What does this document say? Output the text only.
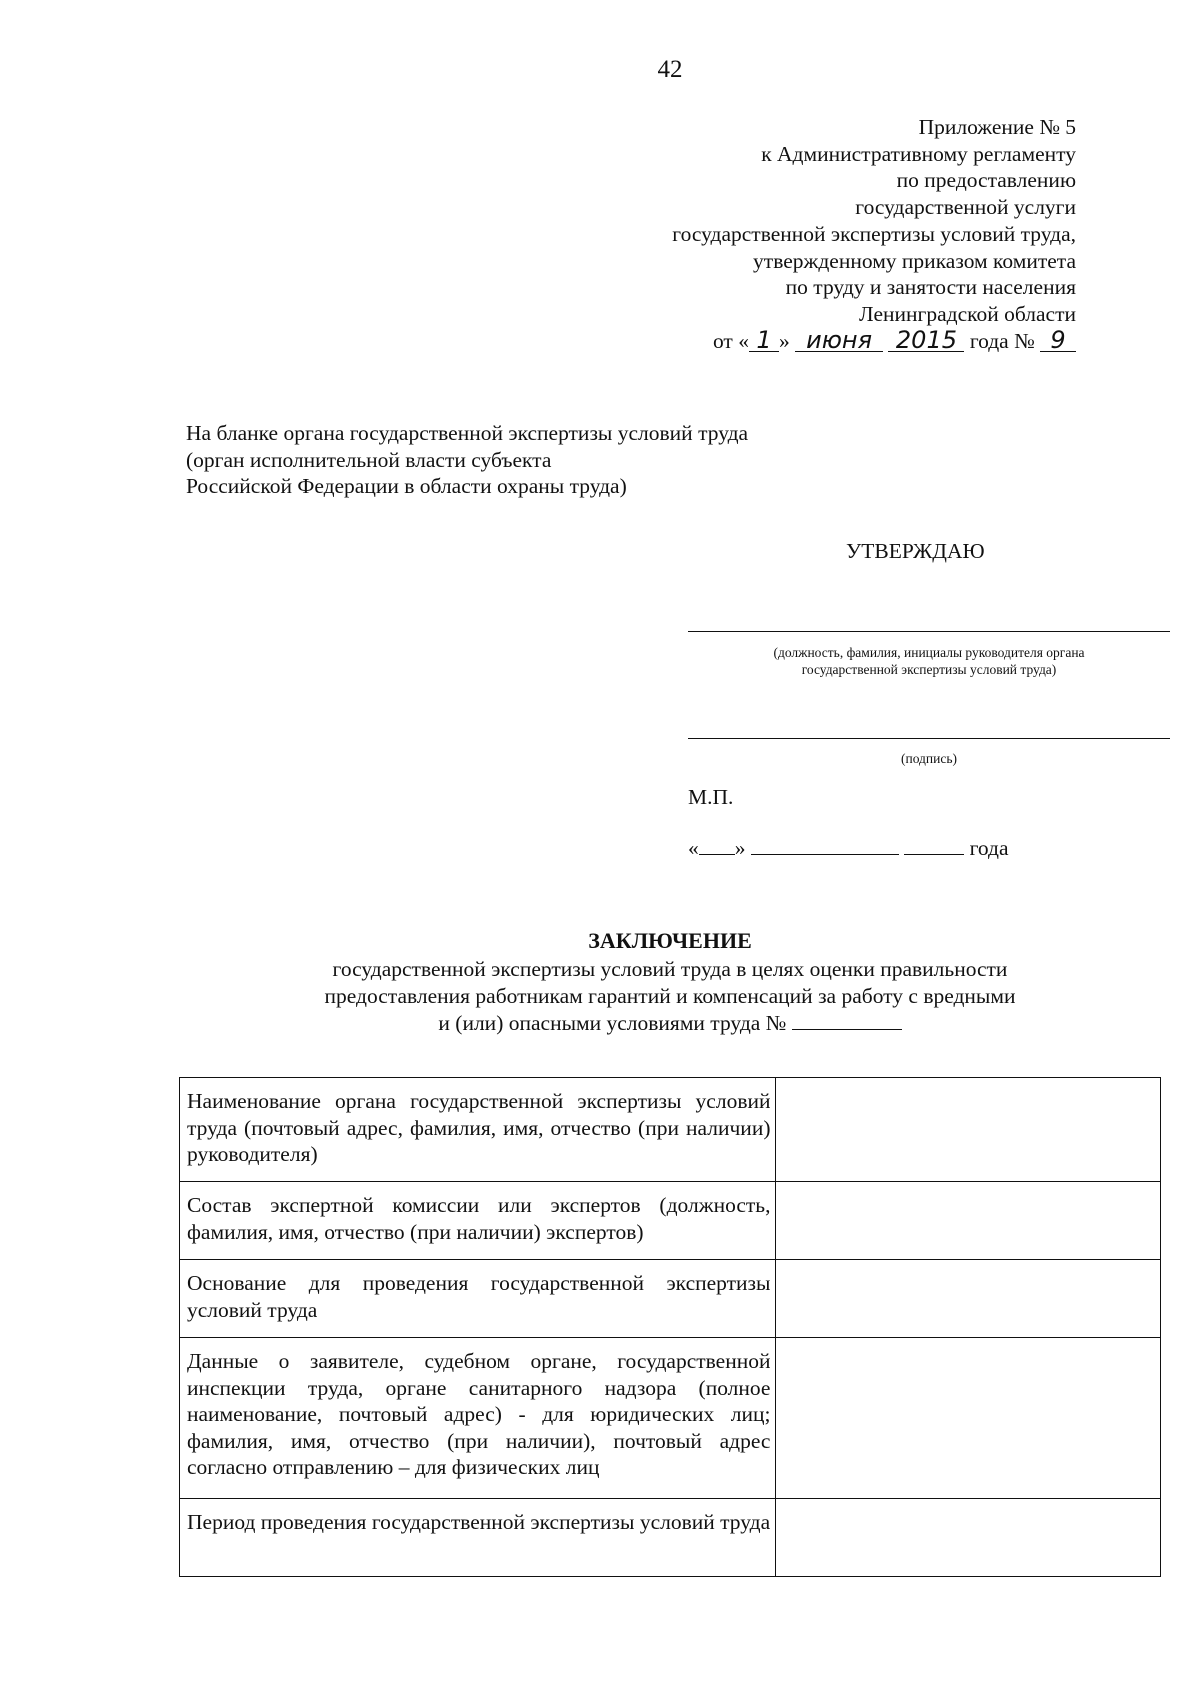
42
Приложение № 5
к Административному регламенту
по предоставлению
государственной услуги
государственной экспертизы условий труда,
утвержденному приказом комитета
по труду и занятости населения
Ленинградской области
от « 1 » июня 2015 года № 9
На бланке органа государственной экспертизы условий труда
(орган исполнительной власти субъекта
Российской Федерации в области охраны труда)
УТВЕРЖДАЮ
(должность, фамилия, инициалы руководителя органа
государственной экспертизы условий труда)
(подпись)
М.П.
« »	года
ЗАКЛЮЧЕНИЕ
государственной экспертизы условий труда в целях оценки правильности
предоставления работникам гарантий и компенсаций за работу с вредными
и (или) опасными условиями труда №
Наименование органа государственной экспертизы условий труда (почтовый адрес, фамилия, имя, отчество (при наличии) руководителя)	
Состав экспертной комиссии или экспертов (должность, фамилия, имя, отчество (при наличии) экспертов)	
Основание для проведения государственной экспертизы условий труда	
Данные о заявителе, судебном органе, государственной инспекции труда, органе санитарного надзора (полное наименование, почтовый адрес) - для юридических лиц; фамилия, имя, отчество (при наличии), почтовый адрес согласно отправлению – для физических лиц	
Период проведения государственной экспертизы условий труда	
